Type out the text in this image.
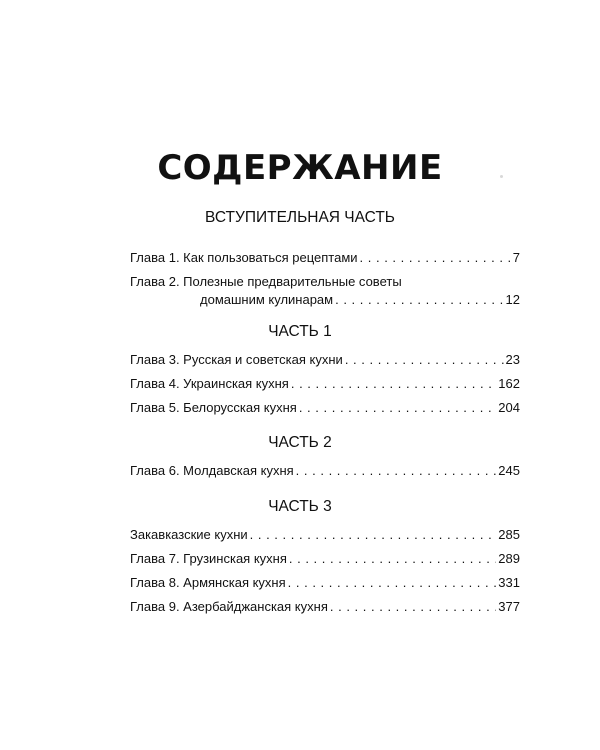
СОДЕРЖАНИЕ
ВСТУПИТЕЛЬНАЯ ЧАСТЬ
Глава 1. Как пользоваться рецептами . . .	7
Глава 2. Полезные предварительные советы
домашним кулинарам . . .	12
ЧАСТЬ 1
Глава 3. Русская и советская кухни . . .	23
Глава 4. Украинская кухня . . .	162
Глава 5. Белорусская кухня . . .	204
ЧАСТЬ 2
Глава 6. Молдавская кухня . . .	245
ЧАСТЬ 3
Закавказские кухни . . .	285
Глава 7. Грузинская кухня . . .	289
Глава 8. Армянская кухня . . .	331
Глава 9. Азербайджанская кухня . . .	377
